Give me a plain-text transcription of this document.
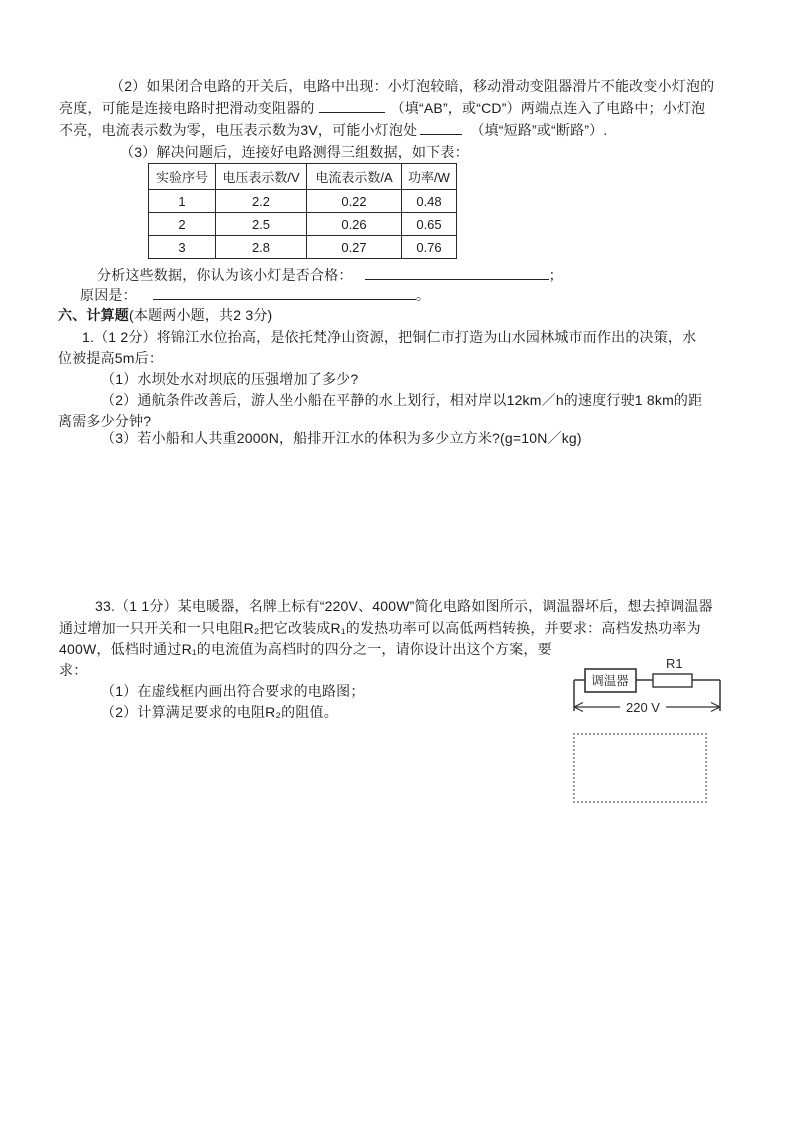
（2）如果闭合电路的开关后，电路中出现：小灯泡较暗，移动滑动变阻器滑片不能改变小灯泡的
亮度，可能是连接电路时把滑动变阻器的	（填“AB”，或“CD”）两端点连入了电路中；小灯泡
不亮，电流表示数为零，电压表示数为3V，可能小灯泡处	（填“短路”或“断路”）.
（3）解决问题后，连接好电路测得三组数据，如下表：
实验序号	电压表示数/V	电流表示数/A	功率/W
1	2.2	0.22	0.48
2	2.5	0.26	0.65
3	2.8	0.27	0.76
分析这些数据，你认为该小灯是否合格：	；
原因是：	。
六、计算题(本题两小题，共2 3分)
1.（1 2分）将锦江水位抬高，是依托梵净山资源，把铜仁市打造为山水园林城市而作出的决策，水
位被提高5m后：
（1）水坝处水对坝底的压强增加了多少?
（2）通航条件改善后，游人坐小船在平静的水上划行，相对岸以12km／h的速度行驶1 8km的距
离需多少分钟?
（3）若小船和人共重2000N，船排开江水的体积为多少立方米?(g=10N／kg)
33.（1 1分）某电暖器，名牌上标有“220V、400W”简化电路如图所示，调温器坏后，想去掉调温器
通过增加一只开关和一只电阻R₂把它改装成R₁的发热功率可以高低两档转换，并要求：高档发热功率为
400W，低档时通过R₁的电流值为高档时的四分之一，请你设计出这个方案，要
求：
（1）在虚线框内画出符合要求的电路图；
（2）计算满足要求的电阻R₂的阻值。
R1
调温器
220 V
